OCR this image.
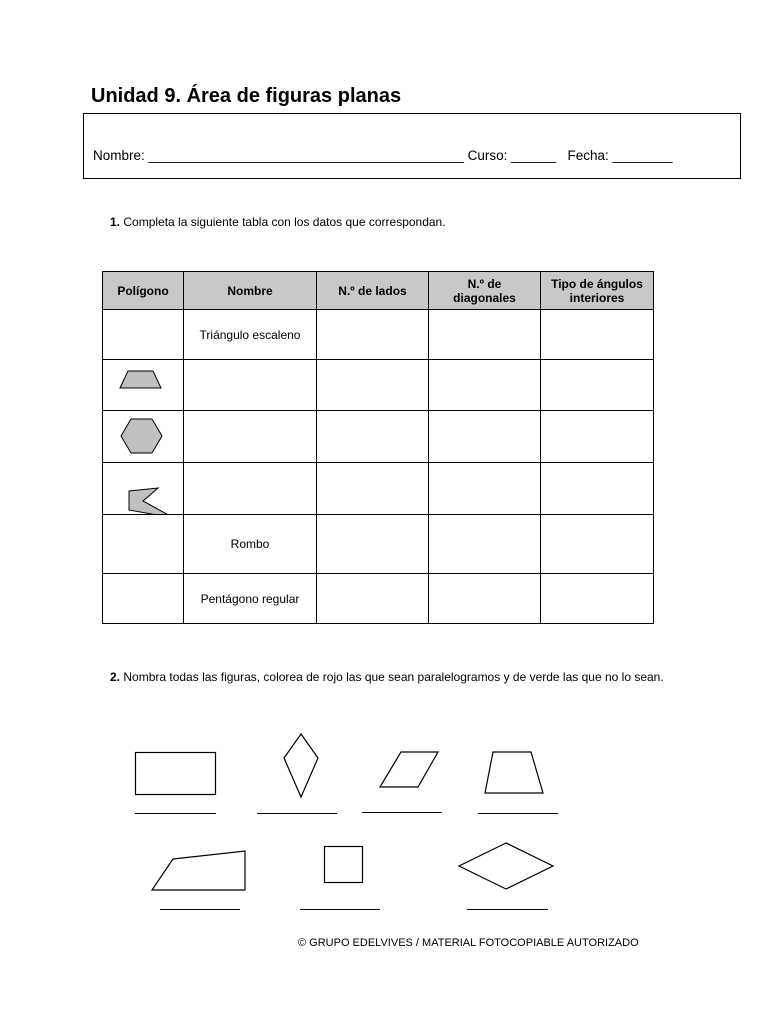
Unidad 9. Área de figuras planas
Nombre: __________________________________________ Curso: ______ Fecha: ________
1. Completa la siguiente tabla con los datos que correspondan.
Polígono	Nombre	N.º de lados	N.º de diagonales	Tipo de ángulos interiores
	Triángulo escaleno			

	Rombo			
	Pentágono regular			
2. Nombra todas las figuras, colorea de rojo las que sean paralelogramos y de verde las que no lo sean.
© GRUPO EDELVIVES / MATERIAL FOTOCOPIABLE AUTORIZADO
